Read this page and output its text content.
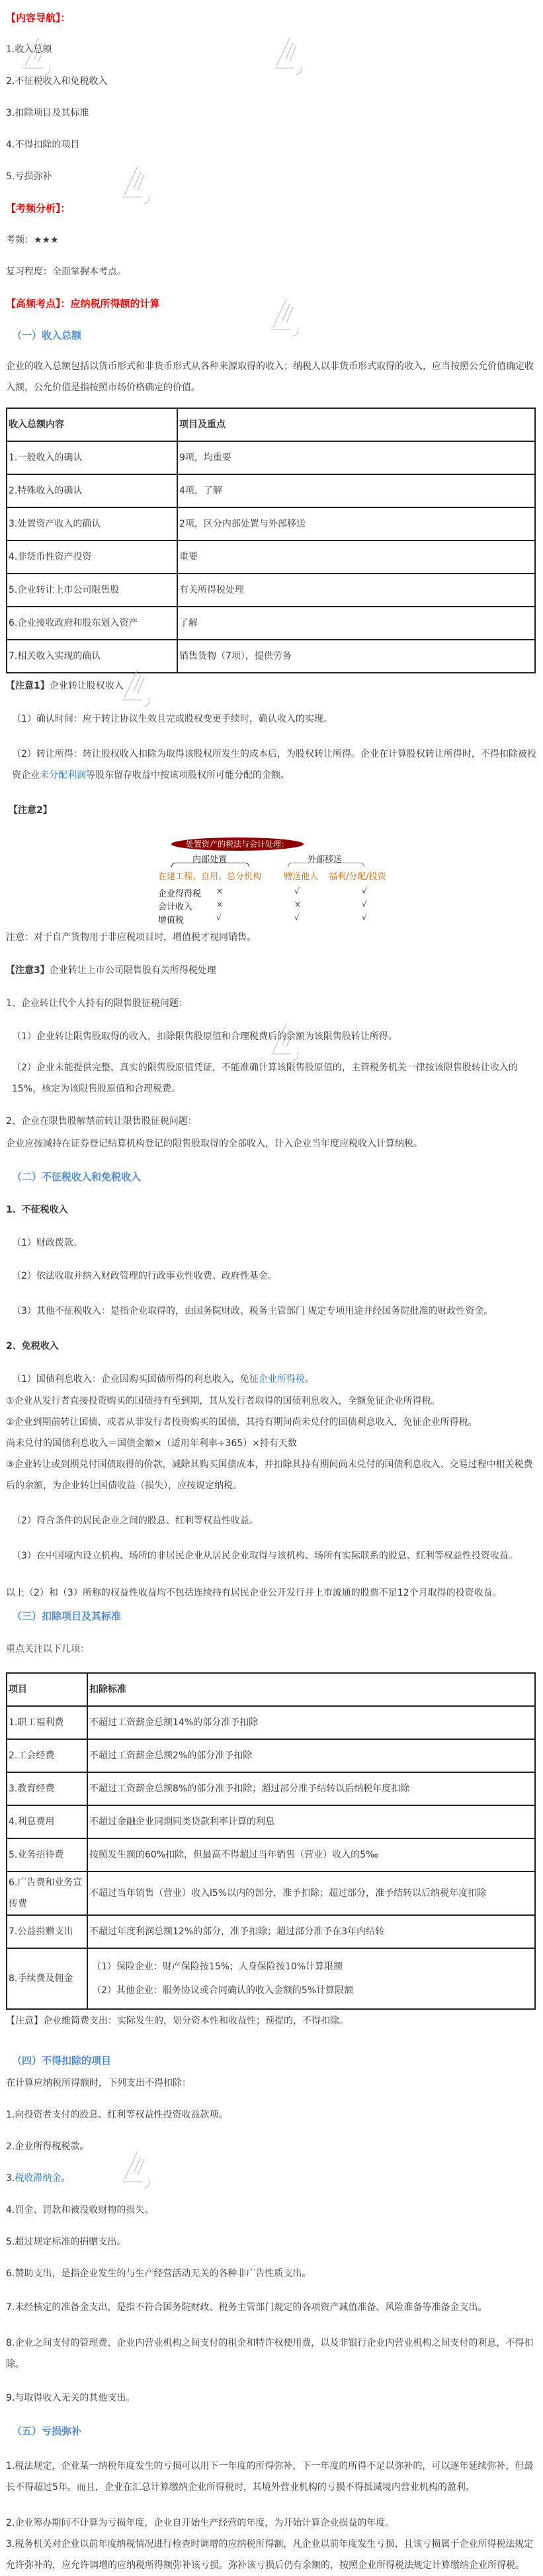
【内容导航】：

1.收入总额

2.不征税收入和免税收入

3.扣除项目及其标准

4.不得扣除的项目

5.亏损弥补

【考频分析】：

考频：★★★

复习程度：全面掌握本考点。

【高频考点】：应纳税所得额的计算

（一）收入总额

企业的收入总额包括以货币形式和非货币形式从各种来源取得的收入；纳税人以非货币形式取得的收入，应当按照公允价值确定收入额，公允价值是指按照市场价格确定的价值。

收入总额内容	项目及重点
1.一般收入的确认	9项，均重要
2.特殊收入的确认	4项，了解
3.处置资产收入的确认	2项，区分内部处置与外部移送
4.非货币性资产投资	重要
5.企业转让上市公司限售股	有关所得税处理
6.企业接收政府和股东划入资产	了解
7.相关收入实现的确认	销售货物（7项），提供劳务

【注意1】企业转让股权收入

（1）确认时间：应于转让协议生效且完成股权变更手续时，确认收入的实现。

（2）转让所得：转让股权收入扣除为取得该股权所发生的成本后，为股权转让所得。企业在计算股权转让所得时，不得扣除被投资企业未分配利润等股东留存收益中按该项股权所可能分配的金额。

【注意2】

处置资产的税法与会计处理：
内部处置	外部移送
在建工程、自用、总分机构	赠送他人 福利/分配/投资
企业得得税 ×	√	√
会计收入	×	×	√
增值税	√	√	√

注意：对于自产货物用于非应税项目时，增值税才视同销售。

【注意3】企业转让上市公司限售股有关所得税处理

1、企业转让代个人持有的限售股征税问题：

（1）企业转让限售股取得的收入，扣除限售股原值和合理税费后的余额为该限售股转让所得。

（2）企业未能提供完整、真实的限售股原值凭证，不能准确计算该限售股原值的，主管税务机关一律按该限售股转让收入的15%，核定为该限售股原值和合理税费。

2、企业在限售股解禁前转让限售股征税问题：

企业应按减持在证券登记结算机构登记的限售股取得的全部收入，计入企业当年度应税收入计算纳税。

（二）不征税收入和免税收入

1、不征税收入

（1）财政拨款。

（2）依法收取并纳入财政管理的行政事业性收费、政府性基金。

（3）其他不征税收入：是指企业取得的，由国务院财政、税务主管部门 规定专项用途并经国务院批准的财政性资金。

2、免税收入

（1）国债利息收入：企业因购买国债所得的利息收入，免征企业所得税。

①企业从发行者直接投资购买的国债持有至到期，其从发行者取得的国债利息收入，全额免征企业所得税。

②企业到期前转让国债、或者从非发行者投资购买的国债，其持有期间尚未兑付的国债利息收入，免征企业所得税。

尚未兑付的国债利息收入＝国债金额×（适用年利率÷365）×持有天数

③企业转让或到期兑付国债取得的价款，减除其购买国债成本，并扣除其持有期间尚未兑付的国债利息收入、交易过程中相关税费后的余额，为企业转让国债收益（损失），应按规定纳税。

（2）符合条件的居民企业之间的股息、红利等权益性收益。

（3）在中国境内设立机构、场所的非居民企业从居民企业取得与该机构、场所有实际联系的股息、红利等权益性投资收益。

以上（2）和（3）所称的权益性收益均不包括连续持有居民企业公开发行并上市流通的股票不足12个月取得的投资收益。

（三）扣除项目及其标准

重点关注以下几项：

项目	扣除标准
1.职工福利费	不超过工资薪金总额14%的部分准予扣除
2.工会经费	不超过工资薪金总额2%的部分准予扣除
3.教育经费	不超过工资薪金总额8%的部分准予扣除；超过部分准予结转以后纳税年度扣除
4.利息费用	不超过金融企业同期同类贷款利率计算的利息
5.业务招待费	按照发生额的60%扣除，但最高不得超过当年销售（营业）收入的5‰
6.广告费和业务宣传费	不超过当年销售（营业）收入l5%以内的部分，准予扣除；超过部分，准予结转以后纳税年度扣除
7.公益捐赠支出	不超过年度利润总额12%的部分，准予扣除；超过部分准予在3年内结转
8.手续费及佣金	（1）保险企业：财产保险按15%；人身保险按10%计算限额
（2）其他企业：服务协议或合同确认的收入金额的5%计算限额

【注意】企业维简费支出：实际发生的，划分资本性和收益性；预提的，不得扣除。

（四）不得扣除的项目

在计算应纳税所得额时，下列支出不得扣除：

1.向投资者支付的股息、红利等权益性投资收益款项。

2.企业所得税税款。

3.税收滞纳金。

4.罚金、罚款和被没收财物的损失。

5.超过规定标准的捐赠支出。

6.赞助支出，是指企业发生的与生产经营活动无关的各种非广告性质支出。

7.未经核定的准备金支出，是指不符合国务院财政、税务主管部门规定的各项资产减值准备、风险准备等准备金支出。

8.企业之间支付的管理费、企业内营业机构之间支付的租金和特许权使用费，以及非银行企业内营业机构之间支付的利息，不得扣除。

9.与取得收入无关的其他支出。

（五）亏损弥补

1.税法规定，企业某一纳税年度发生的亏损可以用下一年度的所得弥补，下一年度的所得不足以弥补的，可以逐年延续弥补，但最长不得超过5年。而且，企业在汇总计算缴纳企业所得税时，其境外营业机构的亏损不得抵减境内营业机构的盈利。

2.企业筹办期间不计算为亏损年度，企业自开始生产经营的年度，为开始计算企业损益的年度。

3.税务机关对企业以前年度纳税情况进行检查时调增的应纳税所得额，凡企业以前年度发生亏损、且该亏损属于企业所得税法规定允许弥补的，应允许调增的应纳税所得额弥补该亏损。弥补该亏损后仍有余额的，按照企业所得税法规定计算缴纳企业所得税。
